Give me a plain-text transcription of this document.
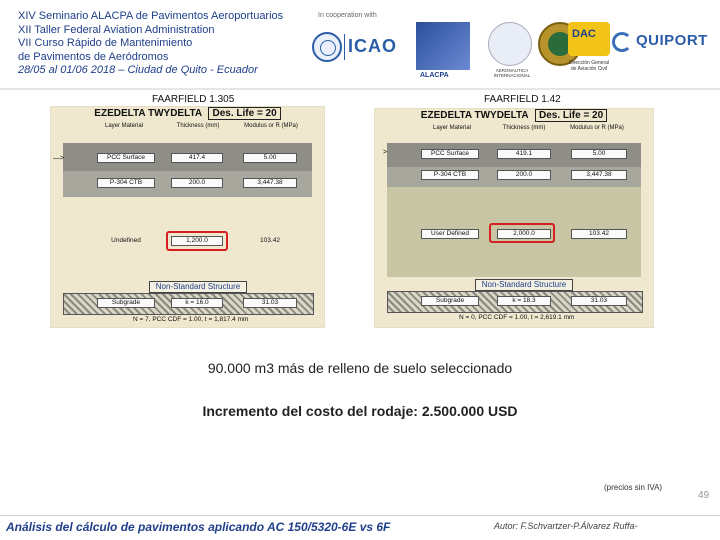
XIV Seminario ALACPA de Pavimentos Aeroportuarios
XII Taller Federal Aviation Administration
VII Curso Rápido de Mantenimiento
de Pavimentos de Aeródromos
28/05 al 01/06 2018 – Ciudad de Quito - Ecuador
In cooperation with
ICAO
ALACPA
AERONAUTICA INTERNACIONAL
DAC
Dirección General de Aviación Civil
QUIPORT
FAARFIELD 1.305
EZEDELTA TWYDELTA Des. Life = 20
Layer Material	Thickness (mm)	Modulus or R (MPa)
—>	PCC Surface	417.4	5.00
P-304 CTB	200.0	3,447.38
Undefined	1,200.0	103.42
Non-Standard Structure
Subgrade	k = 16.0	31.03
N = 7, PCC CDF = 1.00, t = 1,817.4 mm
FAARFIELD 1.42
EZEDELTA TWYDELTA Des. Life = 20
Layer Material	Thickness (mm)	Modulus or R (MPa)
>	PCC Surface	419.1	5.00
P-304 CTB	200.0	3,447.38
User Defined	2,000.0	103.42
Non-Standard Structure
Subgrade	k = 18.3	31.03
N = 0, PCC CDF = 1.00, t = 2,619.1 mm
90.000 m3 más de relleno de suelo seleccionado
Incremento del costo del rodaje: 2.500.000 USD
(precios sin IVA)
49
Análisis del cálculo de pavimentos aplicando AC 150/5320-6E vs 6F	Autor: F.Schvartzer-P.Álvarez Ruffa-
